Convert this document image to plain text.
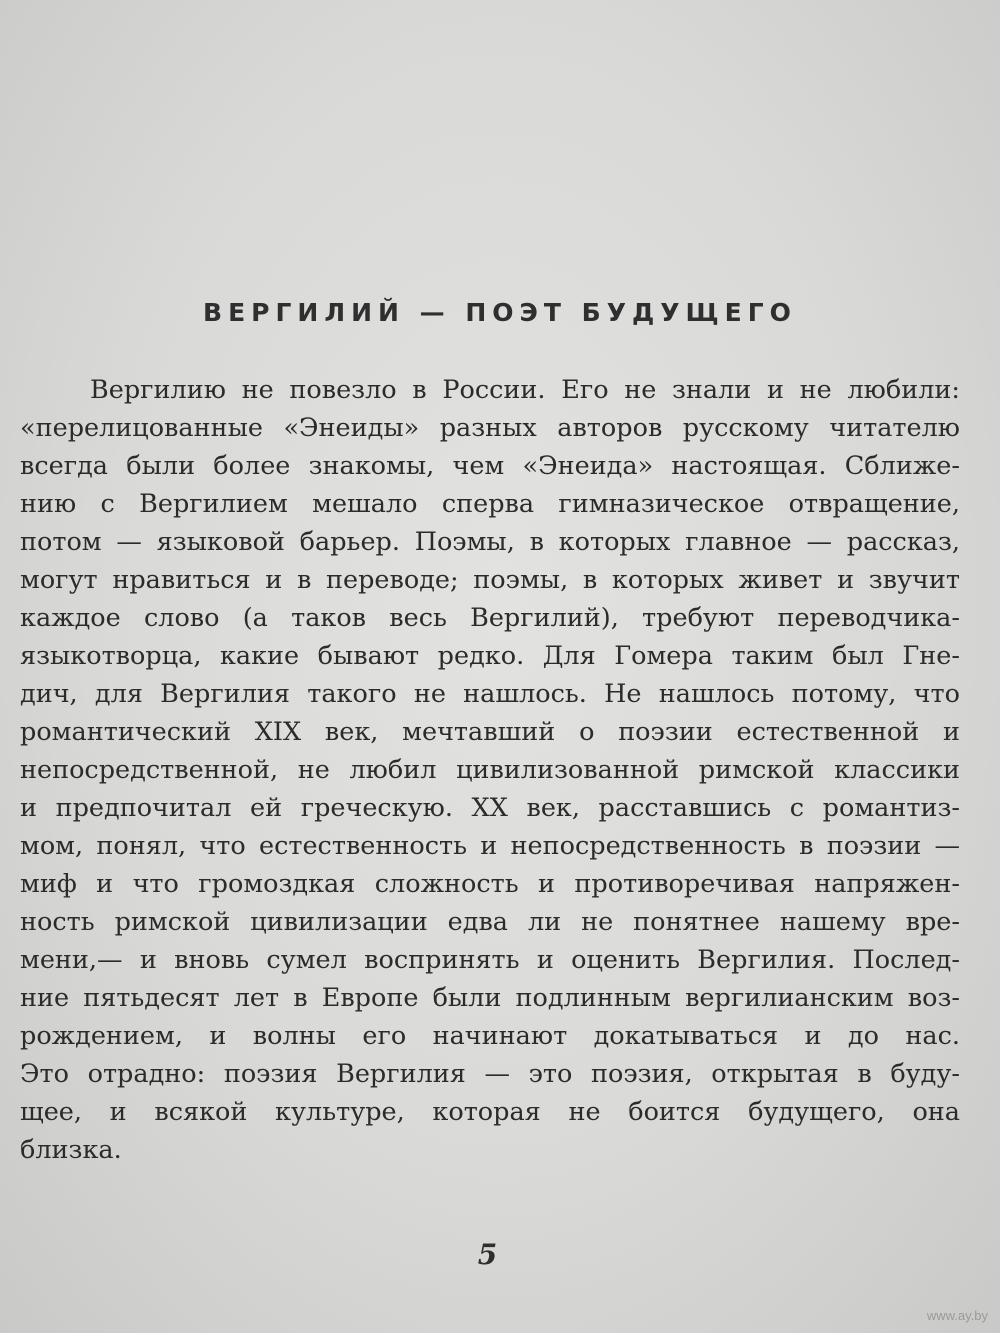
ВЕРГИЛИЙ — ПОЭТ БУДУЩЕГО
Вергилию не повезло в России. Его не знали и не любили:
«перелицованные «Энеиды» разных авторов русскому читателю
всегда были более знакомы, чем «Энеида» настоящая. Сближе-
нию с Вергилием мешало сперва гимназическое отвращение,
потом — языковой барьер. Поэмы, в которых главное — рассказ,
могут нравиться и в переводе; поэмы, в которых живет и звучит
каждое слово (а таков весь Вергилий), требуют переводчика-
языкотворца, какие бывают редко. Для Гомера таким был Гне-
дич, для Вергилия такого не нашлось. Не нашлось потому, что
романтический XIX век, мечтавший о поэзии естественной и
непосредственной, не любил цивилизованной римской классики
и предпочитал ей греческую. XX век, расставшись с романтиз-
мом, понял, что естественность и непосредственность в поэзии —
миф и что громоздкая сложность и противоречивая напряжен-
ность римской цивилизации едва ли не понятнее нашему вре-
мени,— и вновь сумел воспринять и оценить Вергилия. Послед-
ние пятьдесят лет в Европе были подлинным вергилианским воз-
рождением, и волны его начинают докатываться и до нас.
Это отрадно: поэзия Вергилия — это поэзия, открытая в буду-
щее, и всякой культуре, которая не боится будущего, она
близка.
5
www.ay.by
